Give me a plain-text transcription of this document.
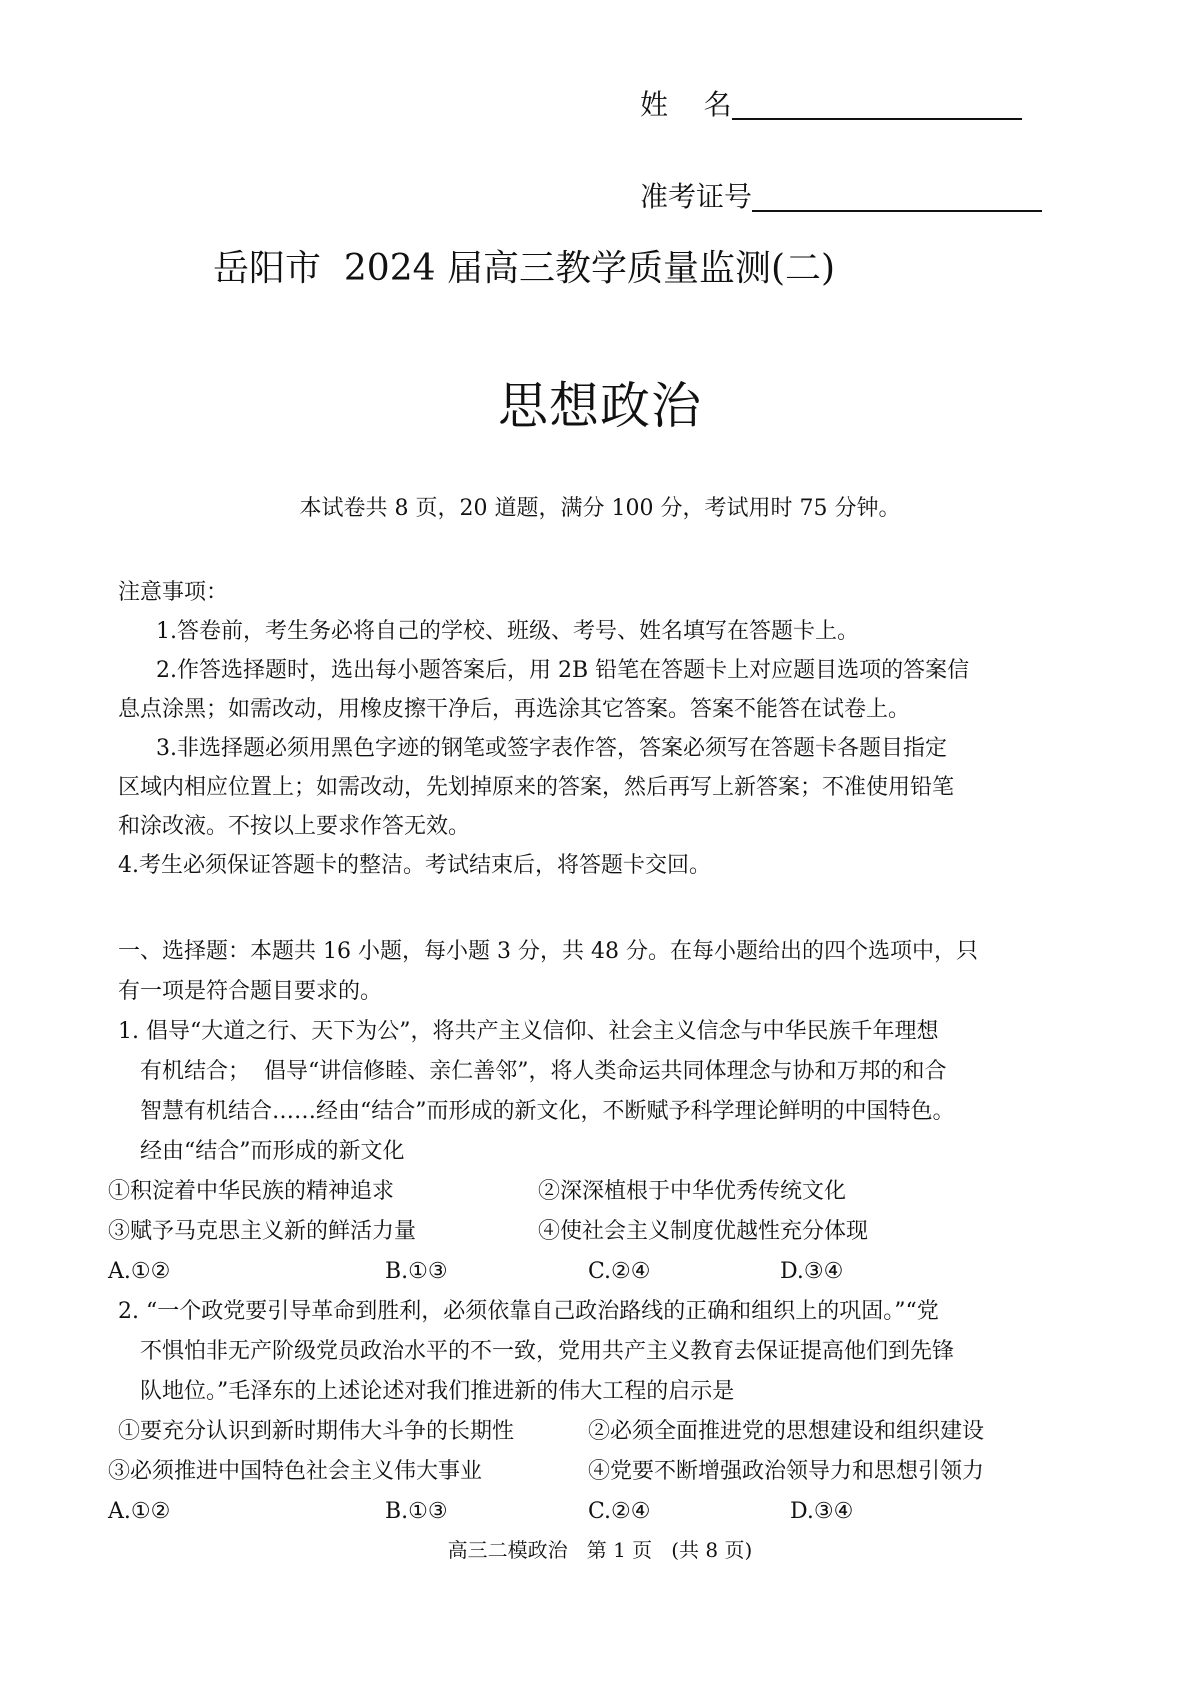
姓    名
准考证号
岳阳市  2024 届高三教学质量监测(二)
思想政治
本试卷共 8 页，20 道题，满分 100 分，考试用时 75 分钟。
注意事项：
1.答卷前，考生务必将自己的学校、班级、考号、姓名填写在答题卡上。
2.作答选择题时，选出每小题答案后，用 2B 铅笔在答题卡上对应题目选项的答案信
息点涂黑；如需改动，用橡皮擦干净后，再选涂其它答案。答案不能答在试卷上。
3.非选择题必须用黑色字迹的钢笔或签字表作答，答案必须写在答题卡各题目指定
区域内相应位置上；如需改动，先划掉原来的答案，然后再写上新答案；不准使用铅笔
和涂改液。不按以上要求作答无效。
4.考生必须保证答题卡的整洁。考试结束后，将答题卡交回。
一、选择题：本题共 16 小题，每小题 3 分，共 48 分。在每小题给出的四个选项中，只
有一项是符合题目要求的。
1. 倡导“大道之行、天下为公”，将共产主义信仰、社会主义信念与中华民族千年理想
有机结合；  倡导“讲信修睦、亲仁善邻”，将人类命运共同体理念与协和万邦的和合
智慧有机结合……经由“结合”而形成的新文化，不断赋予科学理论鲜明的中国特色。
经由“结合”而形成的新文化
①积淀着中华民族的精神追求	②深深植根于中华优秀传统文化
③赋予马克思主义新的鲜活力量	④使社会主义制度优越性充分体现
A.①②	B.①③	C.②④	D.③④
2. “一个政党要引导革命到胜利，必须依靠自己政治路线的正确和组织上的巩固。”“党
不惧怕非无产阶级党员政治水平的不一致，党用共产主义教育去保证提高他们到先锋
队地位。”毛泽东的上述论述对我们推进新的伟大工程的启示是
①要充分认识到新时期伟大斗争的长期性	②必须全面推进党的思想建设和组织建设
③必须推进中国特色社会主义伟大事业	④党要不断增强政治领导力和思想引领力
A.①②	B.①③	C.②④	D.③④
高三二模政治   第 1 页   (共 8 页)
